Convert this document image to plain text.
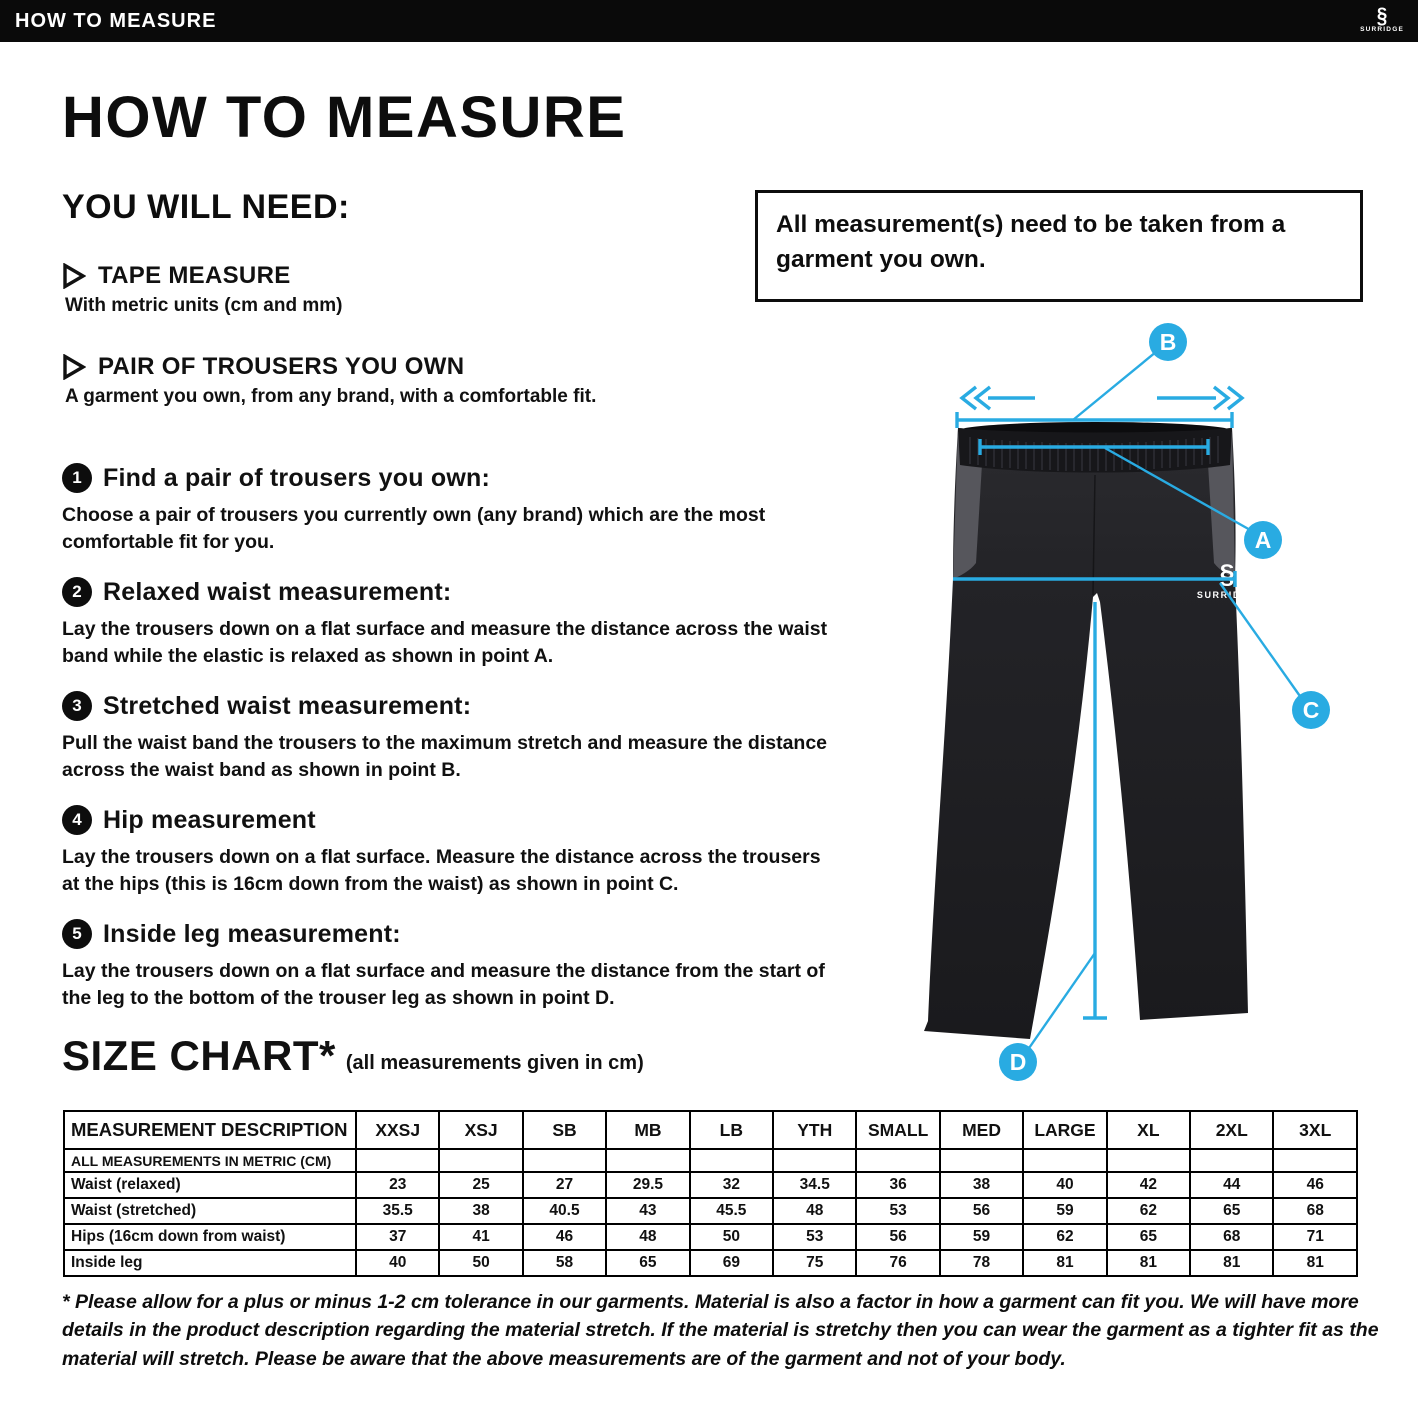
HOW TO MEASURE	§
SURRIDGE
HOW TO MEASURE
YOU WILL NEED:
TAPE MEASURE
With metric units (cm and mm)
PAIR OF TROUSERS YOU OWN
A garment you own, from any brand, with a comfortable fit.
All measurement(s) need to be taken from a garment you own.
1 Find a pair of trousers you own:
Choose a pair of trousers you currently own (any brand) which are the most comfortable fit for you.
2 Relaxed waist measurement:
Lay the trousers down on a flat surface and measure the distance across the waist band while the elastic is relaxed as shown in point A.
3 Stretched waist measurement:
Pull the waist band the trousers to the maximum stretch and measure the distance across the waist band as shown in point B.
4 Hip measurement
Lay the trousers down on a flat surface. Measure the distance across the trousers at the hips (this is 16cm down from the waist) as shown in point C.
5 Inside leg measurement:
Lay the trousers down on a flat surface and measure the distance from the start of the leg to the bottom of the trouser leg as shown in point D.
§
SURRIDGE
B
A
C
D
SIZE CHART* (all measurements given in cm)
MEASUREMENT DESCRIPTION	XXSJ	XSJ	SB	MB	LB	YTH	SMALL	MED	LARGE	XL	2XL	3XL
ALL MEASUREMENTS IN METRIC (CM)												
Waist (relaxed)	23	25	27	29.5	32	34.5	36	38	40	42	44	46
Waist (stretched)	35.5	38	40.5	43	45.5	48	53	56	59	62	65	68
Hips (16cm down from waist)	37	41	46	48	50	53	56	59	62	65	68	71
Inside leg	40	50	58	65	69	75	76	78	81	81	81	81
* Please allow for a plus or minus 1-2 cm tolerance in our garments. Material is also a factor in how a garment can fit you. We will have more details in the product description regarding the material stretch. If the material is stretchy then you can wear the garment as a tighter fit as the material will stretch. Please be aware that the above measurements are of the garment and not of your body.
